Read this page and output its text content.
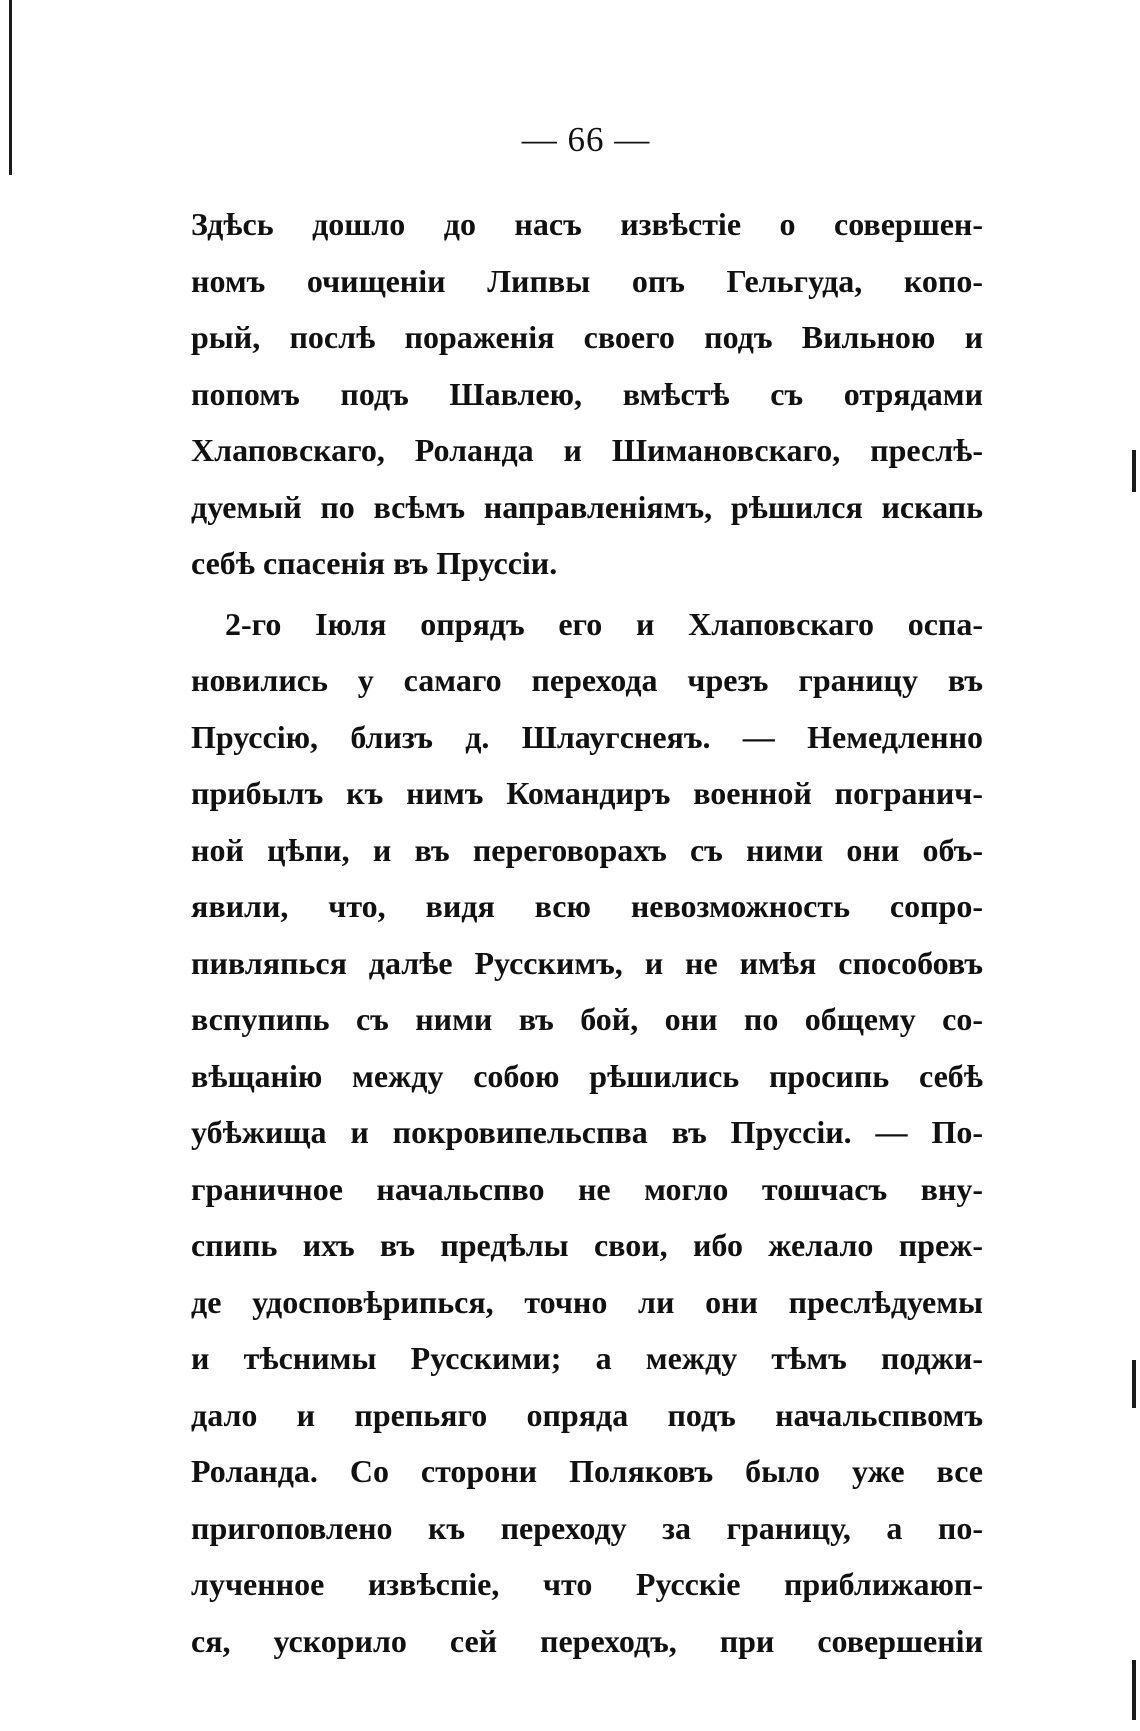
— 66 —

Здѣсь дошло до насъ извѣстіе о совершен-
номъ очищеніи Липвы опъ Гельгуда, копо-
рый, послѣ пораженія своего подъ Вильною и
попомъ подъ Шавлею, вмѣстѣ съ отрядами
Хлаповскаго, Роланда и Шимановскаго, преслѣ-
дуемый по всѣмъ направленіямъ, рѣшился искапь
себѣ спасенія въ Пруссіи.

2-го Іюля опрядъ его и Хлаповскаго оспа-
новились у самаго перехода чрезъ границу въ
Пруссію, близъ д. Шлаугснеяъ. — Немедленно
прибылъ къ нимъ Командиръ военной погранич-
ной цѣпи, и въ переговорахъ съ ними они объ-
явили, что, видя всю невозможность сопро-
пивляпься далѣе Русскимъ, и не имѣя способовъ
вспупипь съ ними въ бой, они по общему со-
вѣщанію между собою рѣшились просипь себѣ
убѣжища и покровипельспва въ Пруссіи. — По-
граничное начальспво не могло тошчасъ вну-
спипь ихъ въ предѣлы свои, ибо желало преж-
де удосповѣрипься, точно ли они преслѣдуемы
и тѣснимы Русскими; а между тѣмъ поджи-
дало и препьяго опряда подъ начальспвомъ
Роланда. Со сторони Поляковъ было уже все
пригоповлено къ переходу за границу, а по-
лученное извѣспіе, что Русскіе приближаюп-
ся, ускорило сей переходъ, при совершеніи
